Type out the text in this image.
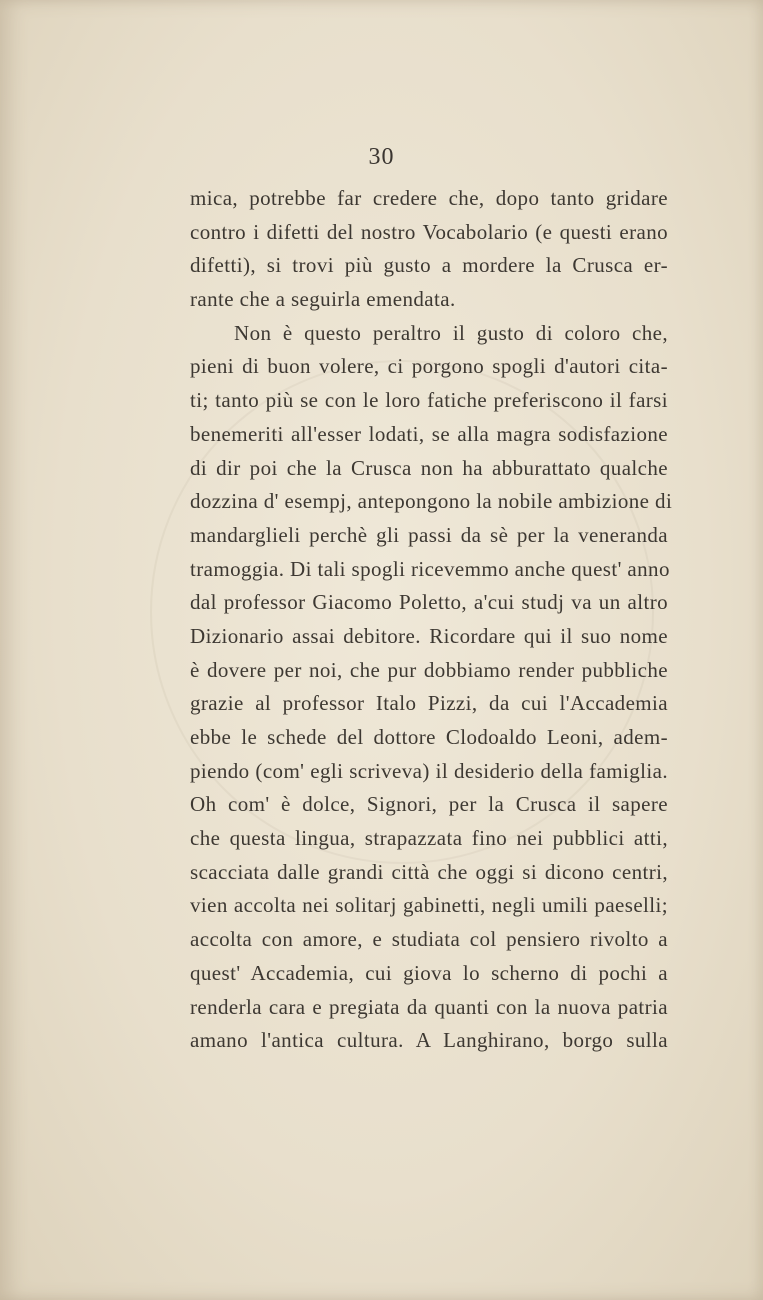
30
mica, potrebbe far credere che, dopo tanto gridare
contro i difetti del nostro Vocabolario (e questi erano
difetti), si trovi più gusto a mordere la Crusca er-
rante che a seguirla emendata.
Non è questo peraltro il gusto di coloro che,
pieni di buon volere, ci porgono spogli d'autori cita-
ti; tanto più se con le loro fatiche preferiscono il farsi
benemeriti all'esser lodati, se alla magra sodisfazione
di dir poi che la Crusca non ha abburattato qualche
dozzina d' esempj, antepongono la nobile ambizione di
mandarglieli perchè gli passi da sè per la veneranda
tramoggia. Di tali spogli ricevemmo anche quest' anno
dal professor Giacomo Poletto, a'cui studj va un altro
Dizionario assai debitore. Ricordare qui il suo nome
è dovere per noi, che pur dobbiamo render pubbliche
grazie al professor Italo Pizzi, da cui l'Accademia
ebbe le schede del dottore Clodoaldo Leoni, adem-
piendo (com' egli scriveva) il desiderio della famiglia.
Oh com' è dolce, Signori, per la Crusca il sapere
che questa lingua, strapazzata fino nei pubblici atti,
scacciata dalle grandi città che oggi si dicono centri,
vien accolta nei solitarj gabinetti, negli umili paeselli;
accolta con amore, e studiata col pensiero rivolto a
quest' Accademia, cui giova lo scherno di pochi a
renderla cara e pregiata da quanti con la nuova patria
amano l'antica cultura. A Langhirano, borgo sulla
